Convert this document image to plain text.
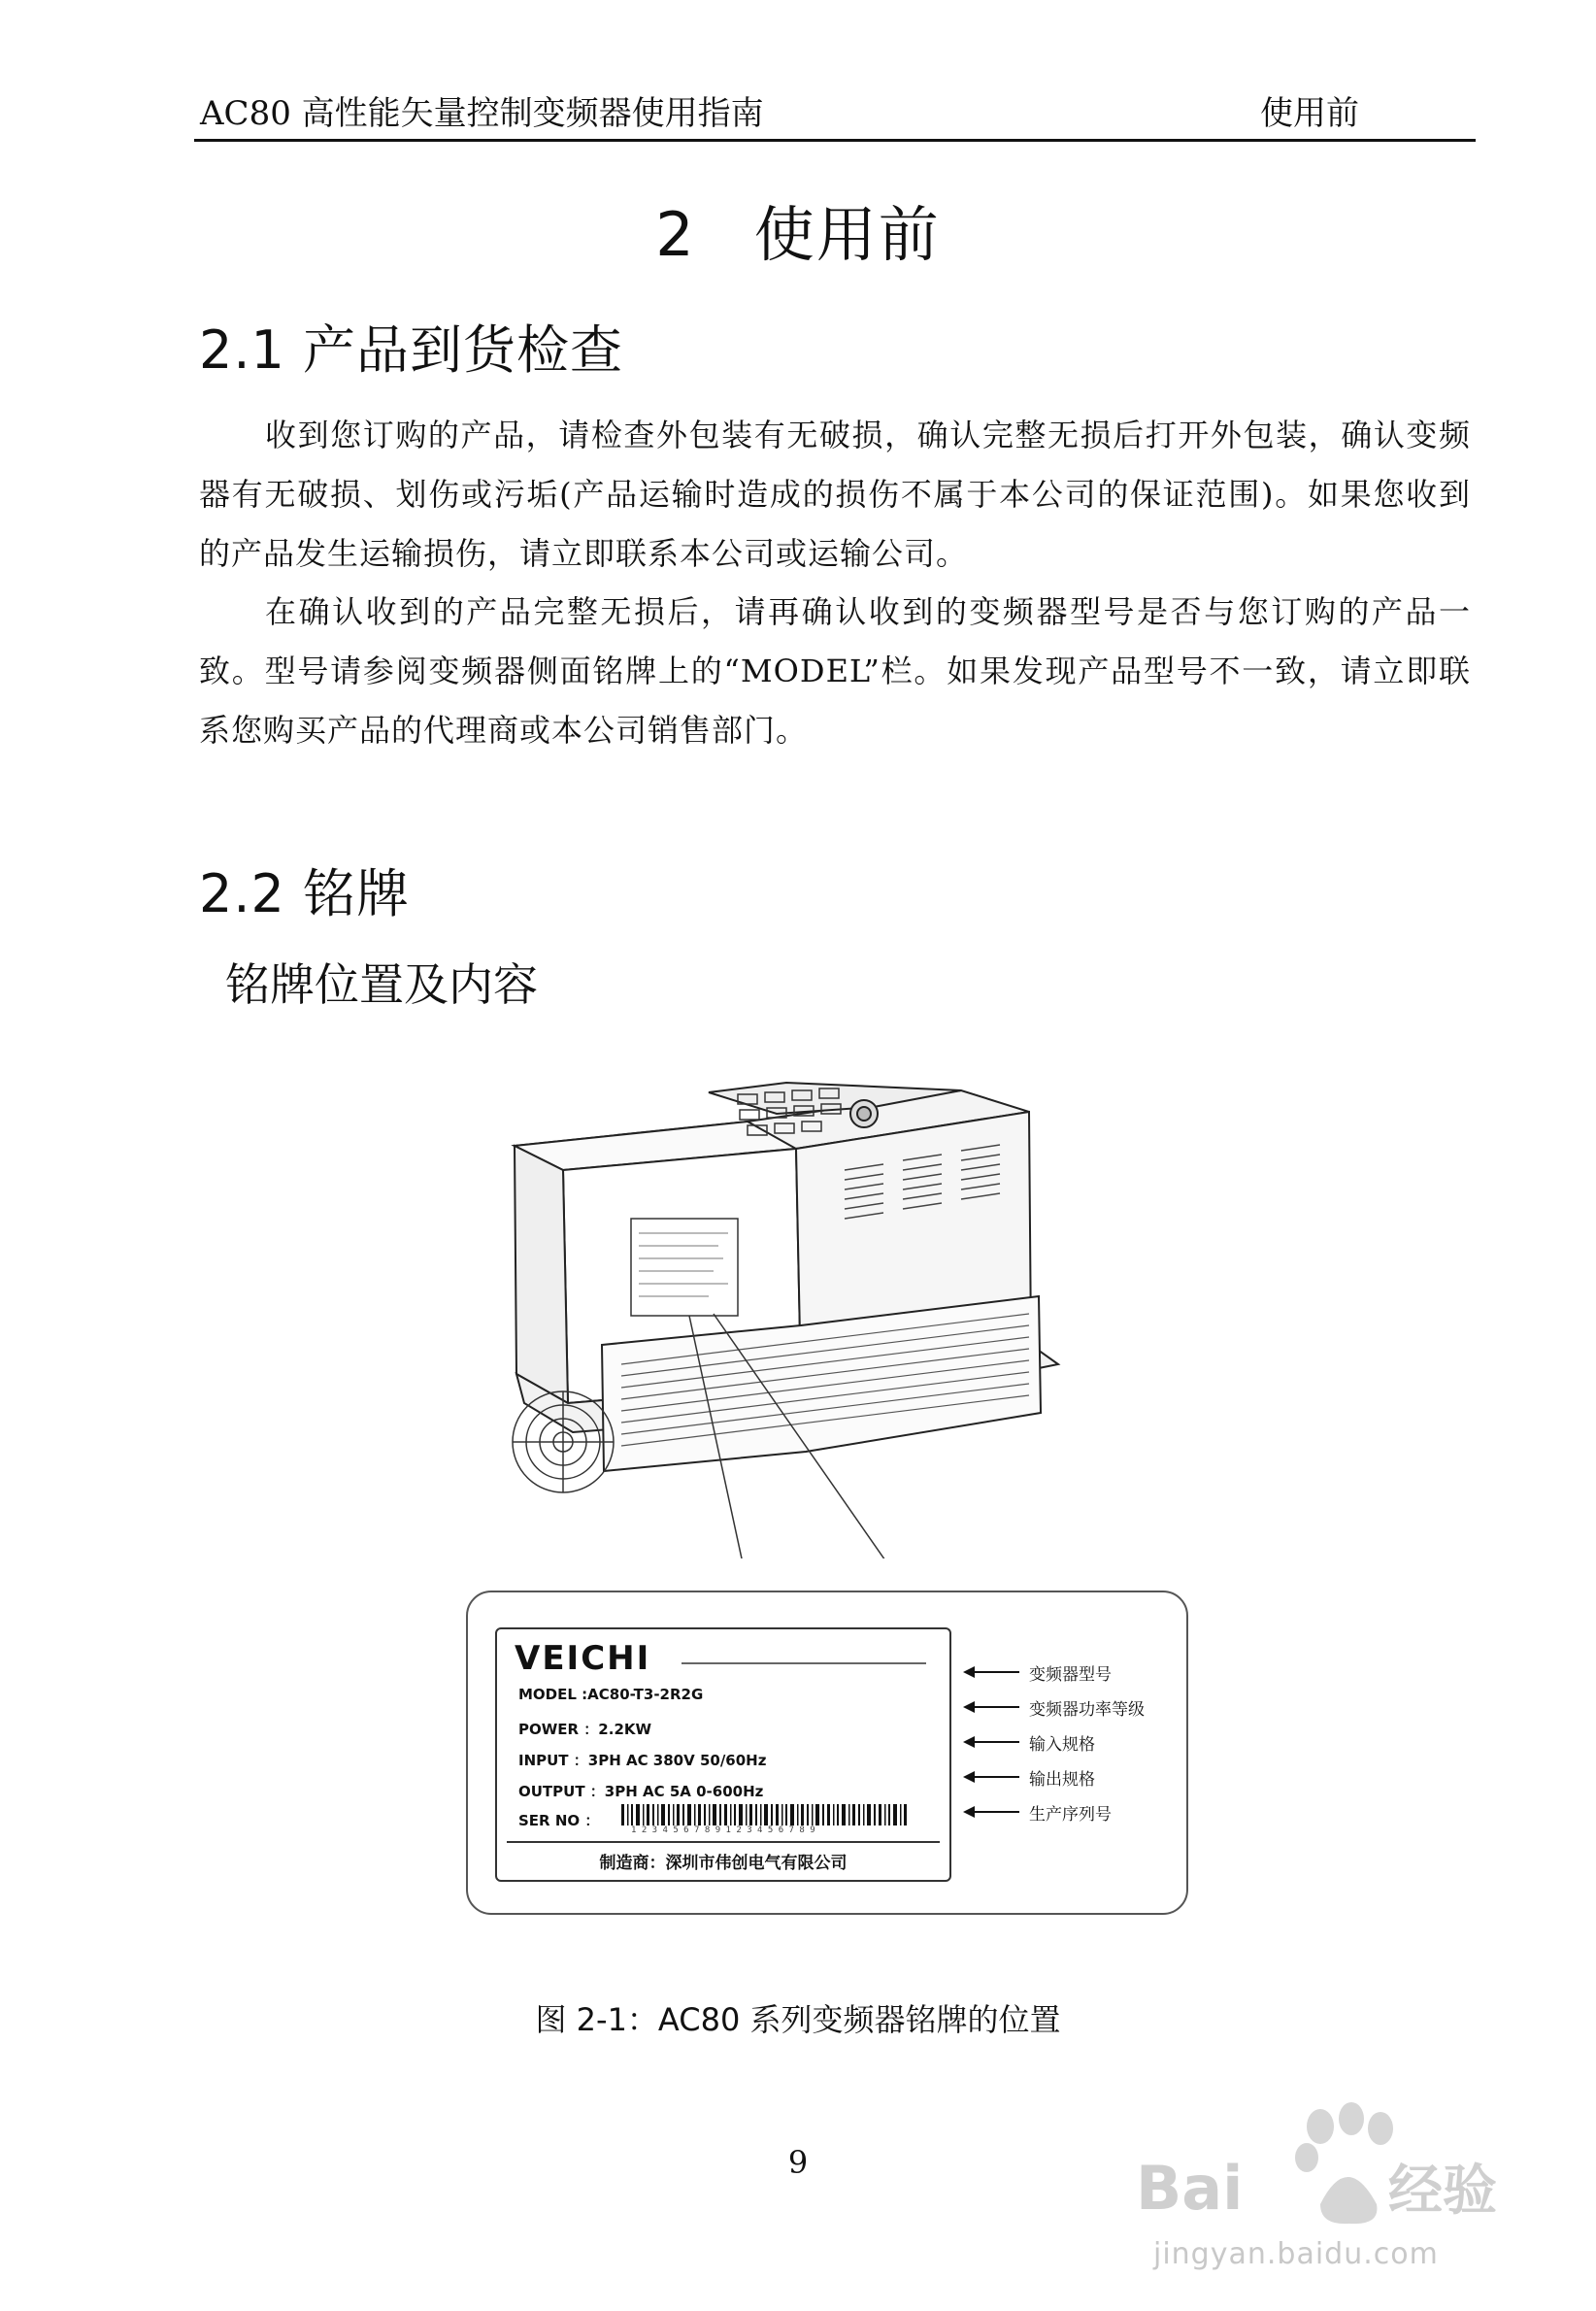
AC80 高性能矢量控制变频器使用指南	使用前
2 使用前
2.1 产品到货检查
收到您订购的产品，请检查外包装有无破损，确认完整无损后打开外包装，确认变频器有无破损、划伤或污垢(产品运输时造成的损伤不属于本公司的保证范围)。如果您收到的产品发生运输损伤，请立即联系本公司或运输公司。
在确认收到的产品完整无损后，请再确认收到的变频器型号是否与您订购的产品一致。型号请参阅变频器侧面铭牌上的“MODEL”栏。如果发现产品型号不一致，请立即联系您购买产品的代理商或本公司销售部门。
2.2 铭牌
铭牌位置及内容
VEICHI
MODEL :AC80-T3-2R2G
POWER ：2.2KW
INPUT ：3PH AC 380V 50/60Hz
OUTPUT ：3PH AC 5A 0-600Hz
SER NO ：
1 2 3 4 5 6 7 8 9 1 2 3 4 5 6 7 8 9
制造商：深圳市伟创电气有限公司
变频器型号
变频器功率等级
输入规格
输出规格
生产序列号
图 2-1：AC80 系列变频器铭牌的位置
9	Bai	经验
jingyan.baidu.com
